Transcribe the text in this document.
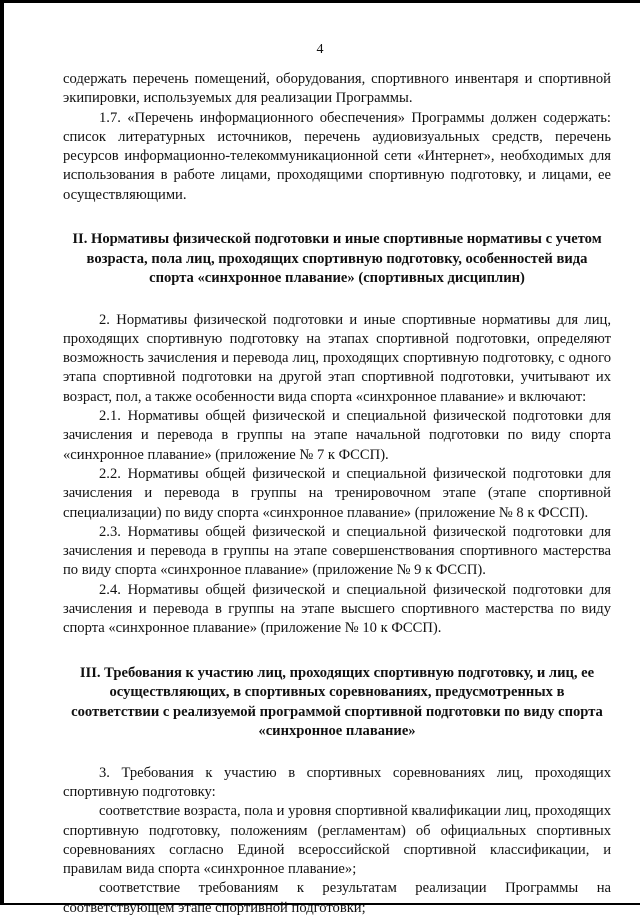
4

содержать перечень помещений, оборудования, спортивного инвентаря и спортивной экипировки, используемых для реализации Программы.

1.7. «Перечень информационного обеспечения» Программы должен содержать: список литературных источников, перечень аудиовизуальных средств, перечень ресурсов информационно-телекоммуникационной сети «Интернет», необходимых для использования в работе лицами, проходящими спортивную подготовку, и лицами, ее осуществляющими.

II. Нормативы физической подготовки и иные спортивные нормативы с учетом возраста, пола лиц, проходящих спортивную подготовку, особенностей вида спорта «синхронное плавание» (спортивных дисциплин)

2. Нормативы физической подготовки и иные спортивные нормативы для лиц, проходящих спортивную подготовку на этапах спортивной подготовки, определяют возможность зачисления и перевода лиц, проходящих спортивную подготовку, с одного этапа спортивной подготовки на другой этап спортивной подготовки, учитывают их возраст, пол, а также особенности вида спорта «синхронное плавание» и включают:

2.1. Нормативы общей физической и специальной физической подготовки для зачисления и перевода в группы на этапе начальной подготовки по виду спорта «синхронное плавание» (приложение № 7 к ФССП).

2.2. Нормативы общей физической и специальной физической подготовки для зачисления и перевода в группы на тренировочном этапе (этапе спортивной специализации) по виду спорта «синхронное плавание» (приложение № 8 к ФССП).

2.3. Нормативы общей физической и специальной физической подготовки для зачисления и перевода в группы на этапе совершенствования спортивного мастерства по виду спорта «синхронное плавание» (приложение № 9 к ФССП).

2.4. Нормативы общей физической и специальной физической подготовки для зачисления и перевода в группы на этапе высшего спортивного мастерства по виду спорта «синхронное плавание» (приложение № 10 к ФССП).

III. Требования к участию лиц, проходящих спортивную подготовку, и лиц, ее осуществляющих, в спортивных соревнованиях, предусмотренных в соответствии с реализуемой программой спортивной подготовки по виду спорта «синхронное плавание»

3. Требования к участию в спортивных соревнованиях лиц, проходящих спортивную подготовку:

соответствие возраста, пола и уровня спортивной квалификации лиц, проходящих спортивную подготовку, положениям (регламентам) об официальных спортивных соревнованиях согласно Единой всероссийской спортивной классификации, и правилам вида спорта «синхронное плавание»;

соответствие требованиям к результатам реализации Программы на соответствующем этапе спортивной подготовки;
